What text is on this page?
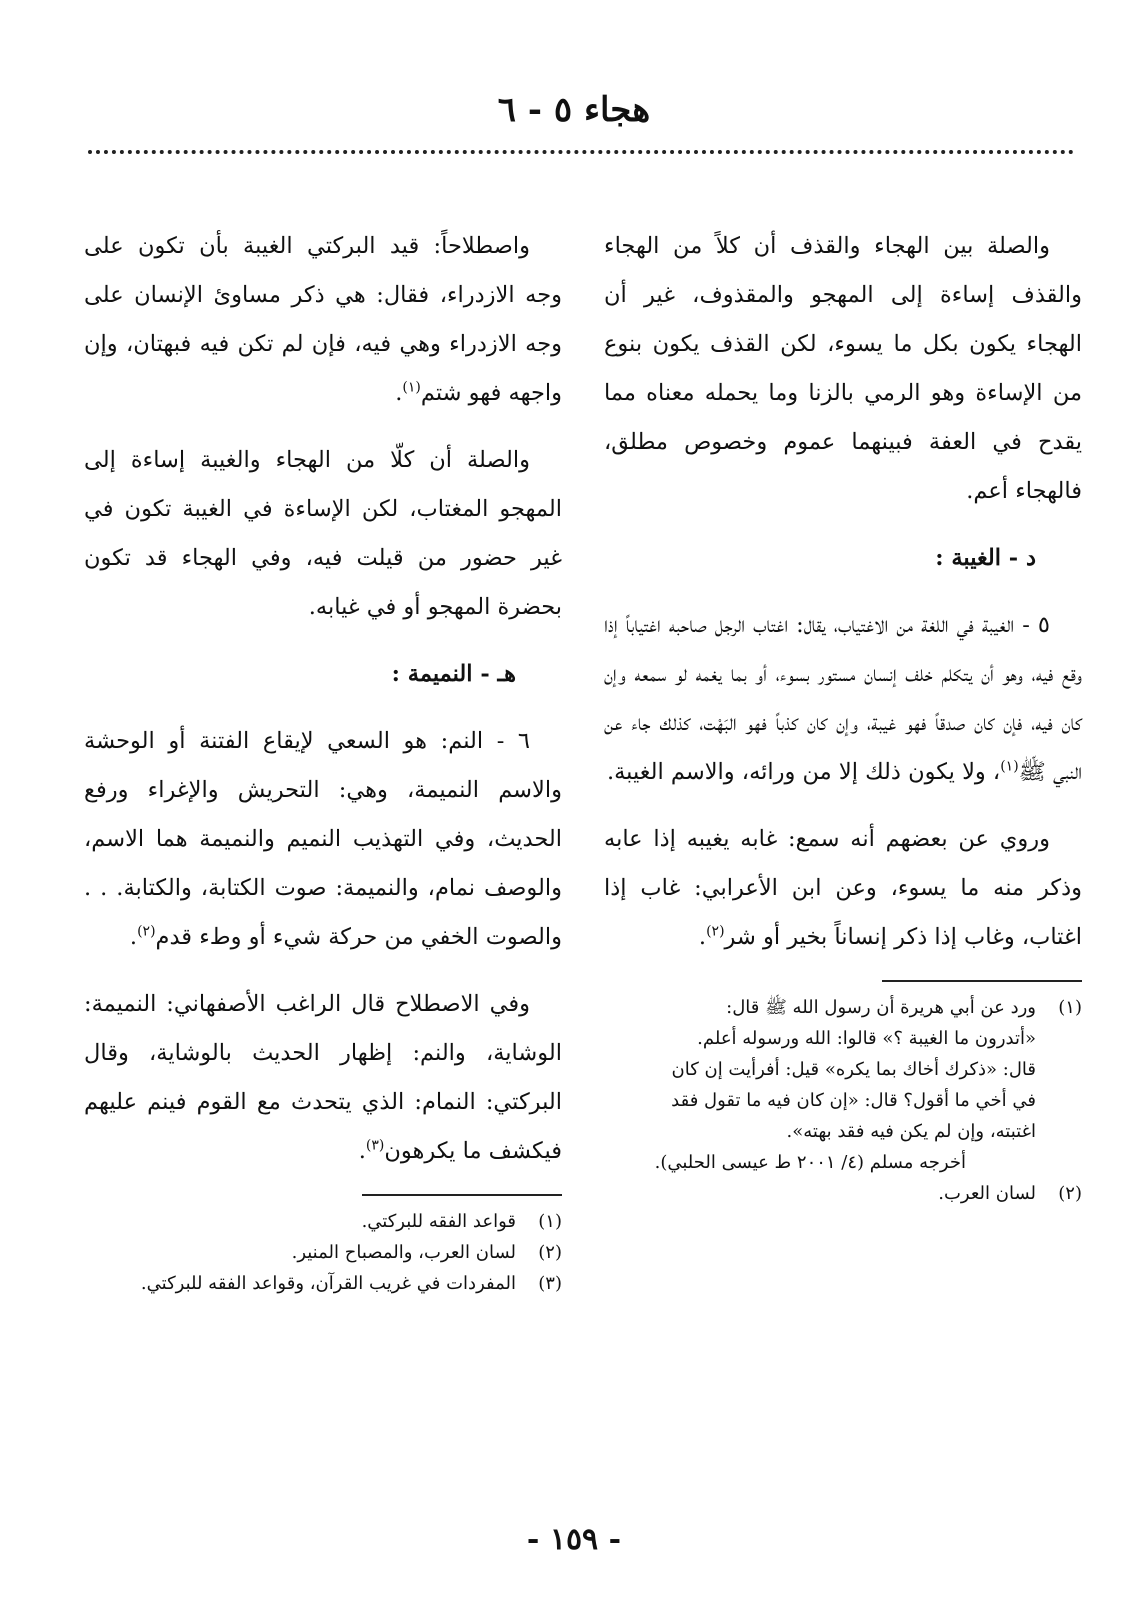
هجاء ٥ - ٦

والصلة بين الهجاء والقذف أن كلاً من الهجاء والقذف إساءة إلى المهجو والمقذوف، غير أن الهجاء يكون بكل ما يسوء، لكن القذف يكون بنوع من الإساءة وهو الرمي بالزنا وما يحمله معناه مما يقدح في العفة فبينهما عموم وخصوص مطلق، فالهجاء أعم.

د - الغيبة :

٥ - الغيبة في اللغة من الاغتياب، يقال: اغتاب الرجل صاحبه اغتياباً إذا وقع فيه، وهو أن يتكلم خلف إنسان مستور بسوء، أو بما يغمه لو سمعه وإن كان فيه، فإن كان صدقاً فهو غيبة، وإن كان كذباً فهو البَهْت، كذلك جاء عن النبي ﷺ$^{(١)}$، ولا يكون ذلك إلا من ورائه، والاسم الغيبة.

وروي عن بعضهم أنه سمع: غابه يغيبه إذا عابه وذكر منه ما يسوء، وعن ابن الأعرابي: غاب إذا اغتاب، وغاب إذا ذكر إنساناً بخير أو شر$^{(٢)}$.

(١)
ورد عن أبي هريرة أن رسول الله ﷺ قال:
«أتدرون ما الغيبة ؟» قالوا: الله ورسوله أعلم.
قال: «ذكرك أخاك بما يكره» قيل: أفرأيت إن كان
في أخي ما أقول؟ قال: «إن كان فيه ما تقول فقد
اغتبته، وإن لم يكن فيه فقد بهته».
أخرجه مسلم (٤/ ٢٠٠١ ط عيسى الحلبي).
(٢)
لسان العرب.

واصطلاحاً: قيد البركتي الغيبة بأن تكون على وجه الازدراء، فقال: هي ذكر مساوئ الإنسان على وجه الازدراء وهي فيه، فإن لم تكن فيه فبهتان، وإن واجهه فهو شتم$^{(١)}$.

والصلة أن كلّا من الهجاء والغيبة إساءة إلى المهجو المغتاب، لكن الإساءة في الغيبة تكون في غير حضور من قيلت فيه، وفي الهجاء قد تكون بحضرة المهجو أو في غيابه.

هـ - النميمة :

٦ - النم: هو السعي لإيقاع الفتنة أو الوحشة والاسم النميمة، وهي: التحريش والإغراء ورفع الحديث، وفي التهذيب النميم والنميمة هما الاسم، والوصف نمام، والنميمة: صوت الكتابة، والكتابة. . . والصوت الخفي من حركة شيء أو وطء قدم$^{(٢)}$.

وفي الاصطلاح قال الراغب الأصفهاني: النميمة: الوشاية، والنم: إظهار الحديث بالوشاية، وقال البركتي: النمام: الذي يتحدث مع القوم فينم عليهم فيكشف ما يكرهون$^{(٣)}$.

(١)
قواعد الفقه للبركتي.
(٢)
لسان العرب، والمصباح المنير.
(٣)
المفردات في غريب القرآن، وقواعد الفقه للبركتي.
- ١٥٩ -
